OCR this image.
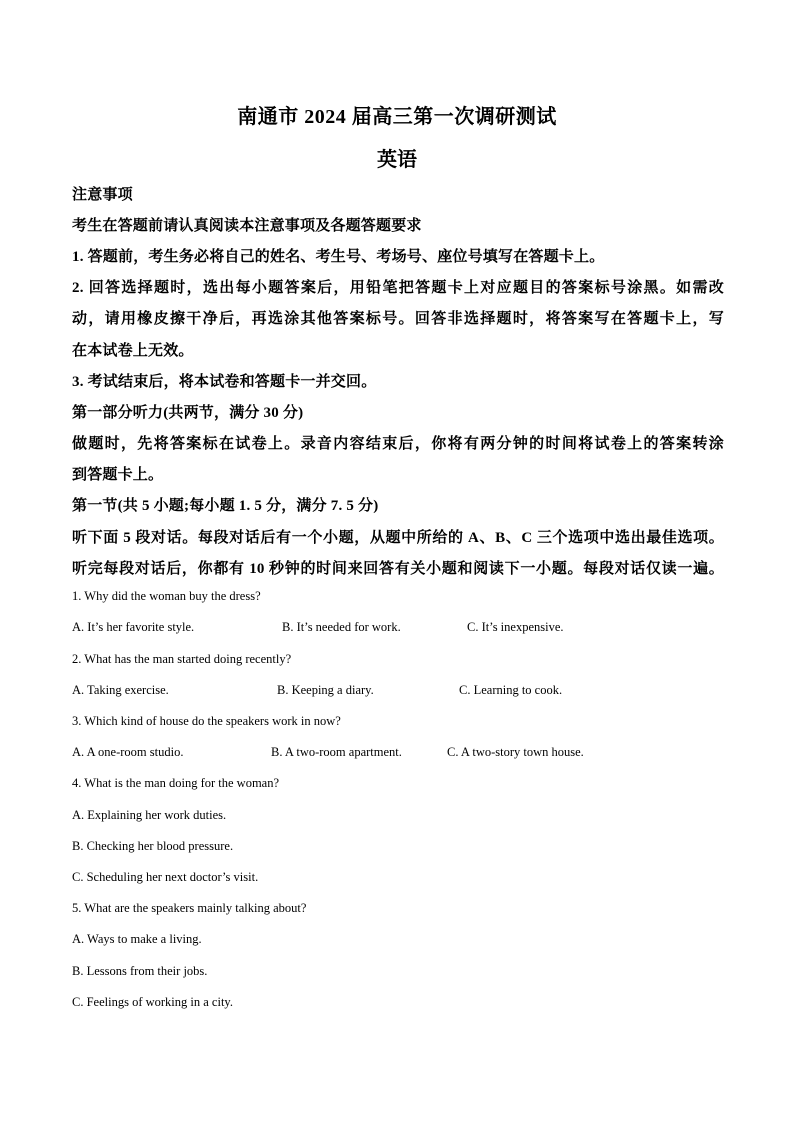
南通市 2024 届高三第一次调研测试
英语
注意事项
考生在答题前请认真阅读本注意事项及各题答题要求
1. 答题前，考生务必将自己的姓名、考生号、考场号、座位号填写在答题卡上。
2. 回答选择题时，选出每小题答案后，用铅笔把答题卡上对应题目的答案标号涂黑。如需改
动，请用橡皮擦干净后，再选涂其他答案标号。回答非选择题时，将答案写在答题卡上，写
在本试卷上无效。
3. 考试结束后，将本试卷和答题卡一并交回。
第一部分听力(共两节，满分 30 分)
做题时，先将答案标在试卷上。录音内容结束后，你将有两分钟的时间将试卷上的答案转涂
到答题卡上。
第一节(共 5 小题;每小题 1. 5 分，满分 7. 5 分)
听下面 5 段对话。每段对话后有一个小题，从题中所给的 A、B、C 三个选项中选出最佳选项。
听完每段对话后，你都有 10 秒钟的时间来回答有关小题和阅读下一小题。每段对话仅读一遍。
1. Why did the woman buy the dress?
A. It’s her favorite style.	B. It’s needed for work.	C. It’s inexpensive.
2. What has the man started doing recently?
A. Taking exercise.	B. Keeping a diary.	C. Learning to cook.
3. Which kind of house do the speakers work in now?
A. A one-room studio.	B. A two-room apartment.	C. A two-story town house.
4. What is the man doing for the woman?
A. Explaining her work duties.
B. Checking her blood pressure.
C. Scheduling her next doctor’s visit.
5. What are the speakers mainly talking about?
A. Ways to make a living.
B. Lessons from their jobs.
C. Feelings of working in a city.
